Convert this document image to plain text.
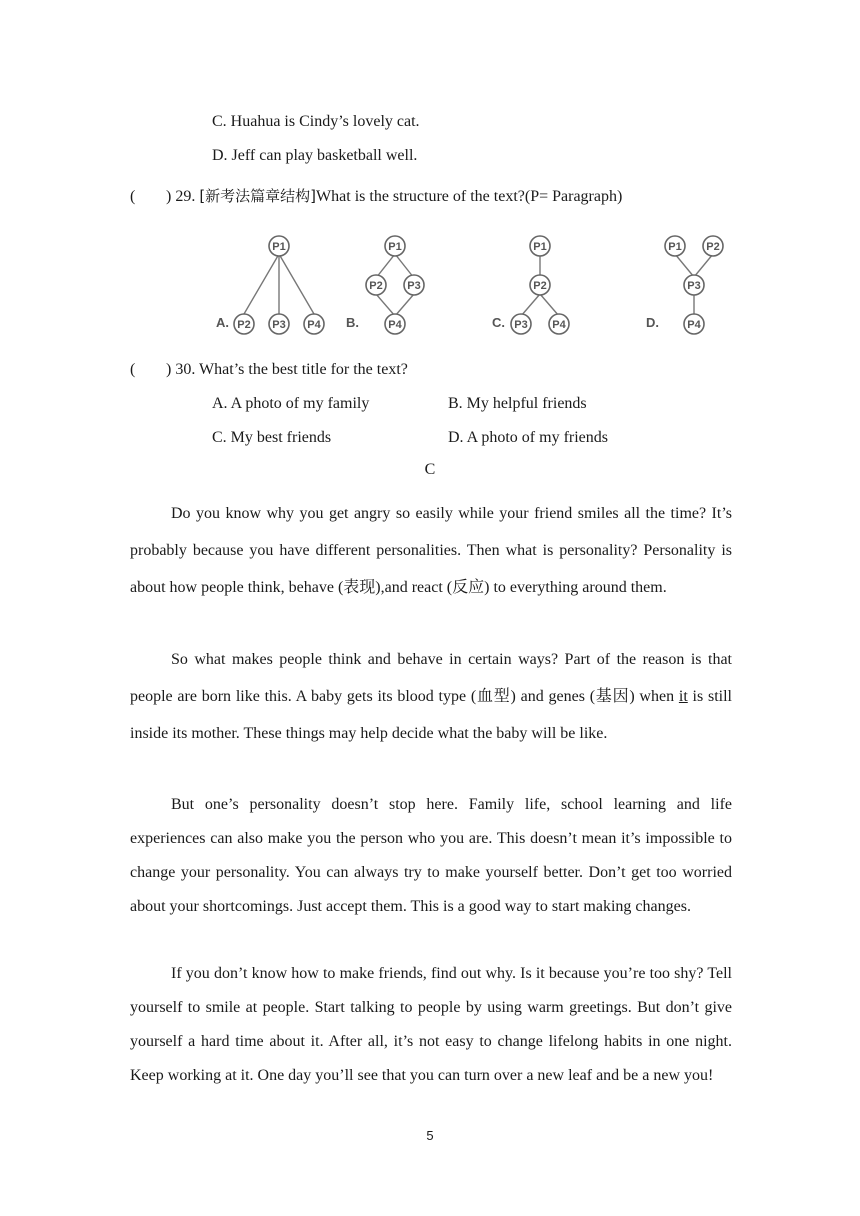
C. Huahua is Cindy’s lovely cat.
D. Jeff can play basketball well.
( ) 29. [新考法篇章结构]What is the structure of the text?(P= Paragraph)
A.
P1
P2 P3 P4 B.
P1
P2 P3
P4	C.
P1
P2
P3 P4	D.
P1 P2
P3
P4
( ) 30. What’s the best title for the text?
A. A photo of my family	B. My helpful friends
C. My best friends	D. A photo of my friends
C

Do you know why you get angry so easily while your friend smiles all the time? It’s probably because you have different personalities. Then what is personality? Personality is about how people think, behave (表现),and react (反应) to everything around them.

So what makes people think and behave in certain ways? Part of the reason is that people are born like this. A baby gets its blood type (血型) and genes (基因) when it is still inside its mother. These things may help decide what the baby will be like.

But one’s personality doesn’t stop here. Family life, school learning and life experiences can also make you the person who you are. This doesn’t mean it’s impossible to change your personality. You can always try to make yourself better. Don’t get too worried about your shortcomings. Just accept them. This is a good way to start making changes.

If you don’t know how to make friends, find out why. Is it because you’re too shy? Tell yourself to smile at people. Start talking to people by using warm greetings. But don’t give yourself a hard time about it. After all, it’s not easy to change lifelong habits in one night. Keep working at it. One day you’ll see that you can turn over a new leaf and be a new you!

5
